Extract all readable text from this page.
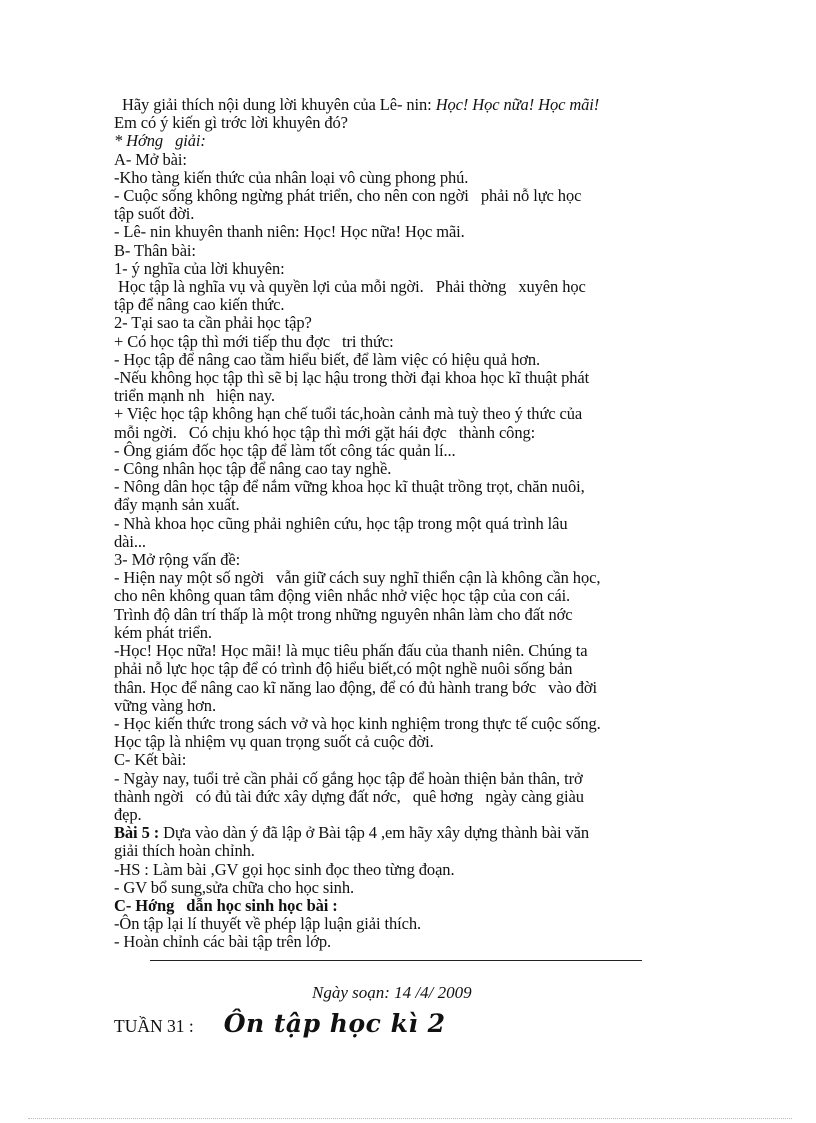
Hãy giải thích nội dung lời khuyên của Lê- nin: Học! Học nữa! Học mãi!
Em có ý kiến gì trớc lời khuyên đó?
* Hớng   giải:
A- Mở bài:
-Kho tàng kiến thức của nhân loại vô cùng phong phú.
- Cuộc sống không ngừng phát triển, cho nên con ngời   phải nỗ lực học
tập suốt đời.
- Lê- nin khuyên thanh niên: Học! Học nữa! Học mãi.
B- Thân bài:
1- ý nghĩa của lời khuyên:
Học tập là nghĩa vụ và quyền lợi của mỗi ngời.   Phải thờng   xuyên học
tập để nâng cao kiến thức.
2- Tại sao ta cần phải học tập?
+ Có học tập thì mới tiếp thu đợc   tri thức:
- Học tập để nâng cao tầm hiểu biết, để làm việc có hiệu quả hơn.
-Nếu không học tập thì sẽ bị lạc hậu trong thời đại khoa học kĩ thuật phát
triển mạnh nh   hiện nay.
+ Việc học tập không hạn chế tuổi tác,hoàn cảnh mà tuỳ theo ý thức của
mỗi ngời.   Có chịu khó học tập thì mới gặt hái đợc   thành công:
- Ông giám đốc học tập để làm tốt công tác quản lí...
- Công nhân học tập để nâng cao tay nghề.
- Nông dân học tập để nắm vững khoa học kĩ thuật trồng trọt, chăn nuôi,
đẩy mạnh sản xuất.
- Nhà khoa học cũng phải nghiên cứu, học tập trong một quá trình lâu
dài...
3- Mở rộng vấn đề:
- Hiện nay một số ngời   vẫn giữ cách suy nghĩ thiển cận là không cần học,
cho nên không quan tâm động viên nhắc nhở việc học tập của con cái.
Trình độ dân trí thấp là một trong những nguyên nhân làm cho đất nớc
kém phát triển.
-Học! Học nữa! Học mãi! là mục tiêu phấn đấu của thanh niên. Chúng ta
phải nỗ lực học tập để có trình độ hiểu biết,có một nghề nuôi sống bản
thân. Học để nâng cao kĩ năng lao động, để có đủ hành trang bớc   vào đời
vững vàng hơn.
- Học kiến thức trong sách vở và học kinh nghiệm trong thực tế cuộc sống.
Học tập là nhiệm vụ quan trọng suốt cả cuộc đời.
C- Kết bài:
- Ngày nay, tuổi trẻ cần phải cố gắng học tập để hoàn thiện bản thân, trở
thành ngời   có đủ tài đức xây dựng đất nớc,   quê hơng   ngày càng giàu
đẹp.
Bài 5 : Dựa vào dàn ý đã lập ở Bài tập 4 ,em hãy xây dựng thành bài văn
giải thích hoàn chỉnh.
-HS : Làm bài ,GV gọi học sinh đọc theo từng đoạn.
- GV bổ sung,sửa chữa cho học sinh.
C- Hớng   dẫn học sinh học bài :
-Ôn tập lại lí thuyết về phép lập luận giải thích.
- Hoàn chỉnh các bài tập trên lớp.
Ngày soạn: 14 /4/ 2009
TUẦN 31 : Ôn tập học kì 2
